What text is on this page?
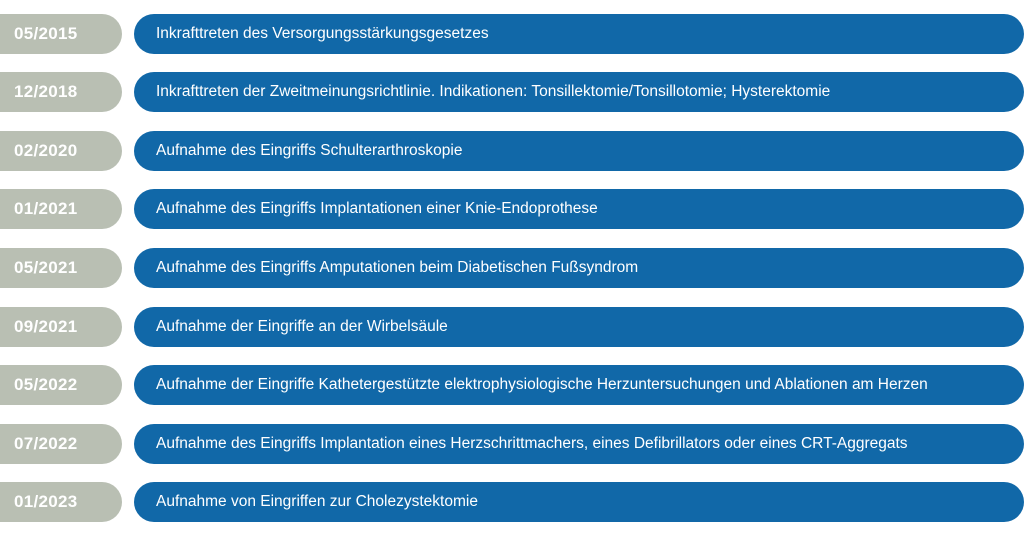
05/2015	Inkrafttreten des Versorgungsstärkungsgesetzes
12/2018	Inkrafttreten der Zweitmeinungsrichtlinie. Indikationen: Tonsillektomie/Tonsillotomie; Hysterektomie
02/2020	Aufnahme des Eingriffs Schulterarthroskopie
01/2021	Aufnahme des Eingriffs Implantationen einer Knie-Endoprothese
05/2021	Aufnahme des Eingriffs Amputationen beim Diabetischen Fußsyndrom
09/2021	Aufnahme der Eingriffe an der Wirbelsäule
05/2022	Aufnahme der Eingriffe Kathetergestützte elektrophysiologische Herzuntersuchungen und Ablationen am Herzen
07/2022	Aufnahme des Eingriffs Implantation eines Herzschrittmachers, eines Defibrillators oder eines CRT-Aggregats
01/2023	Aufnahme von Eingriffen zur Cholezystektomie
